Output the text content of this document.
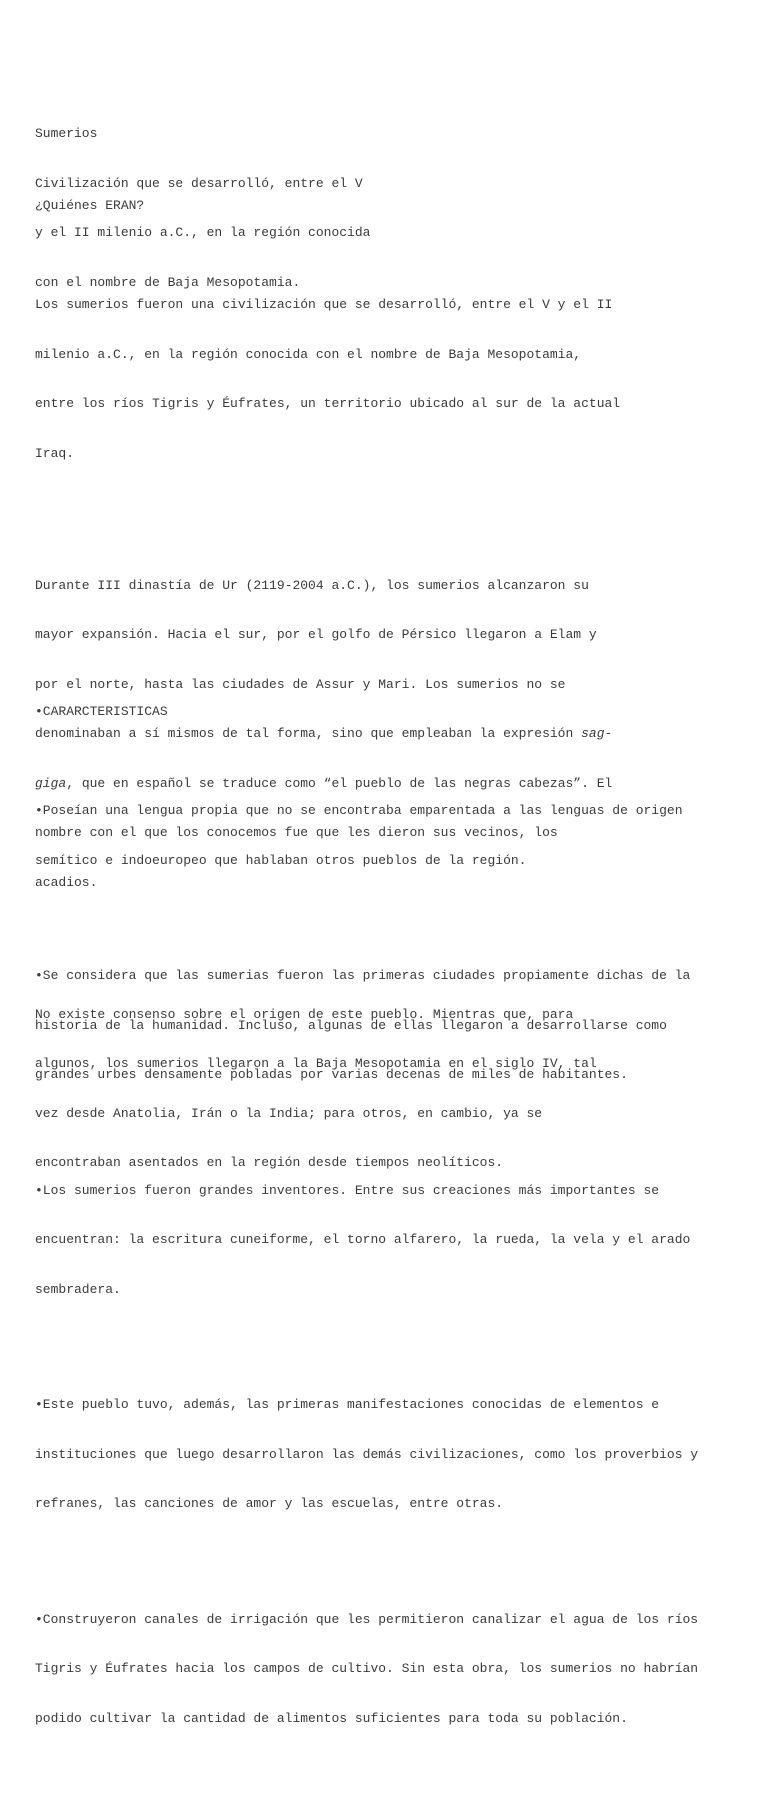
Sumerios

Civilización que se desarrolló, entre el V

y el II milenio a.C., en la región conocida

con el nombre de Baja Mesopotamia.

¿Quiénes ERAN?

Los sumerios fueron una civilización que se desarrolló, entre el V y el II

milenio a.C., en la región conocida con el nombre de Baja Mesopotamia,

entre los ríos Tigris y Éufrates, un territorio ubicado al sur de la actual

Iraq.

Durante III dinastía de Ur (2119-2004 a.C.), los sumerios alcanzaron su

mayor expansión. Hacia el sur, por el golfo de Pérsico llegaron a Elam y

por el norte, hasta las ciudades de Assur y Mari. Los sumerios no se

denominaban a sí mismos de tal forma, sino que empleaban la expresión sag-

giga, que en español se traduce como “el pueblo de las negras cabezas”. El

nombre con el que los conocemos fue que les dieron sus vecinos, los

acadios.

No existe consenso sobre el origen de este pueblo. Mientras que, para

algunos, los sumerios llegaron a la Baja Mesopotamia en el siglo IV, tal

vez desde Anatolia, Irán o la India; para otros, en cambio, ya se

encontraban asentados en la región desde tiempos neolíticos.

•CARARCTERISTICAS

•Poseían una lengua propia que no se encontraba emparentada a las lenguas de origen

semítico e indoeuropeo que hablaban otros pueblos de la región.

•Se considera que las sumerias fueron las primeras ciudades propiamente dichas de la

historia de la humanidad. Incluso, algunas de ellas llegaron a desarrollarse como

grandes urbes densamente pobladas por varias decenas de miles de habitantes.

•Los sumerios fueron grandes inventores. Entre sus creaciones más importantes se

encuentran: la escritura cuneiforme, el torno alfarero, la rueda, la vela y el arado

sembradera.

•Este pueblo tuvo, además, las primeras manifestaciones conocidas de elementos e

instituciones que luego desarrollaron las demás civilizaciones, como los proverbios y

refranes, las canciones de amor y las escuelas, entre otras.

•Construyeron canales de irrigación que les permitieron canalizar el agua de los ríos

Tigris y Éufrates hacia los campos de cultivo. Sin esta obra, los sumerios no habrían

podido cultivar la cantidad de alimentos suficientes para toda su población.
